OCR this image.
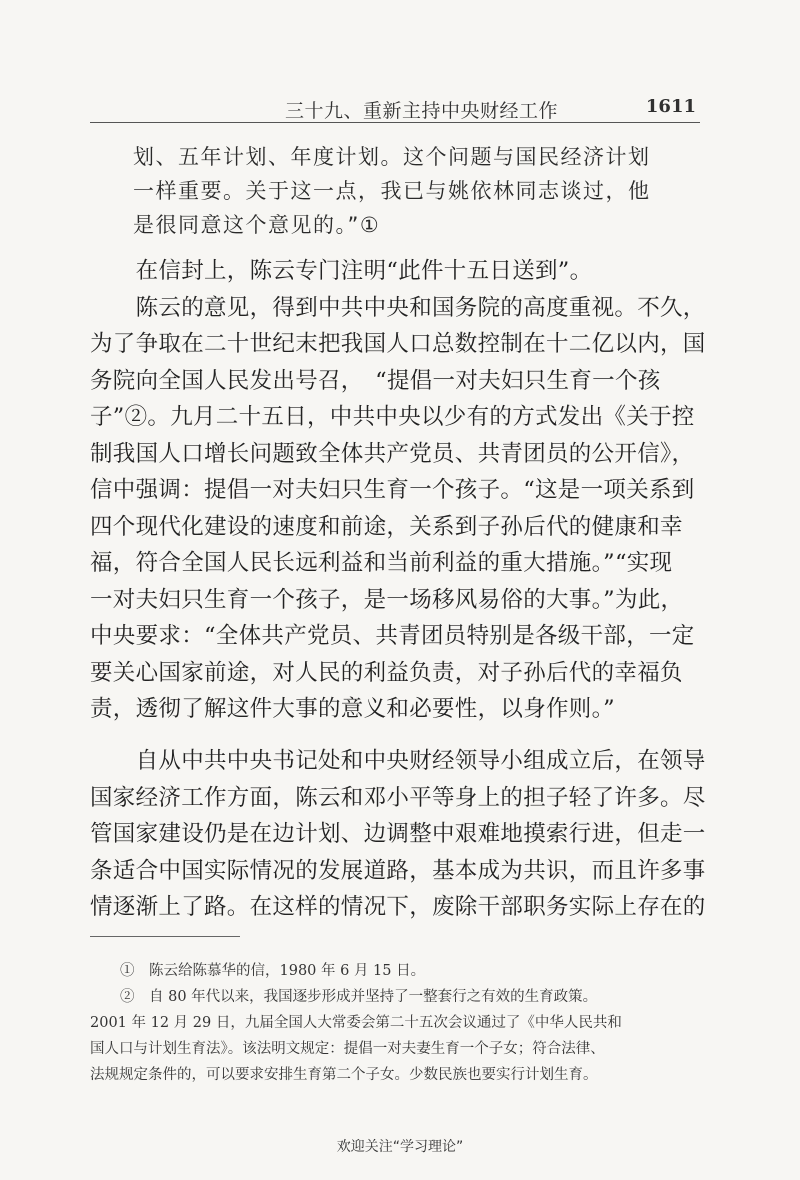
三十九、重新主持中央财经工作	1611
划、五年计划、年度计划。这个问题与国民经济计划
一样重要。关于这一点，我已与姚依林同志谈过，他
是很同意这个意见的。”①
　　在信封上，陈云专门注明“此件十五日送到”。
　　陈云的意见，得到中共中央和国务院的高度重视。不久，
为了争取在二十世纪末把我国人口总数控制在十二亿以内，国
务院向全国人民发出号召，　“提倡一对夫妇只生育一个孩
子”②。九月二十五日，中共中央以少有的方式发出《关于控
制我国人口增长问题致全体共产党员、共青团员的公开信》，
信中强调：提倡一对夫妇只生育一个孩子。“这是一项关系到
四个现代化建设的速度和前途，关系到子孙后代的健康和幸
福，符合全国人民长远利益和当前利益的重大措施。”“实现
一对夫妇只生育一个孩子，是一场移风易俗的大事。”为此，
中央要求：“全体共产党员、共青团员特别是各级干部，一定
要关心国家前途，对人民的利益负责，对子孙后代的幸福负
责，透彻了解这件大事的意义和必要性，以身作则。”
　　自从中共中央书记处和中央财经领导小组成立后，在领导
国家经济工作方面，陈云和邓小平等身上的担子轻了许多。尽
管国家建设仍是在边计划、边调整中艰难地摸索行进，但走一
条适合中国实际情况的发展道路，基本成为共识，而且许多事
情逐渐上了路。在这样的情况下，废除干部职务实际上存在的
①　陈云给陈慕华的信，1980 年 6 月 15 日。
②　自 80 年代以来，我国逐步形成并坚持了一整套行之有效的生育政策。
2001 年 12 月 29 日，九届全国人大常委会第二十五次会议通过了《中华人民共和
国人口与计划生育法》。该法明文规定：提倡一对夫妻生育一个子女；符合法律、
法规规定条件的，可以要求安排生育第二个子女。少数民族也要实行计划生育。
欢迎关注“学习理论”
